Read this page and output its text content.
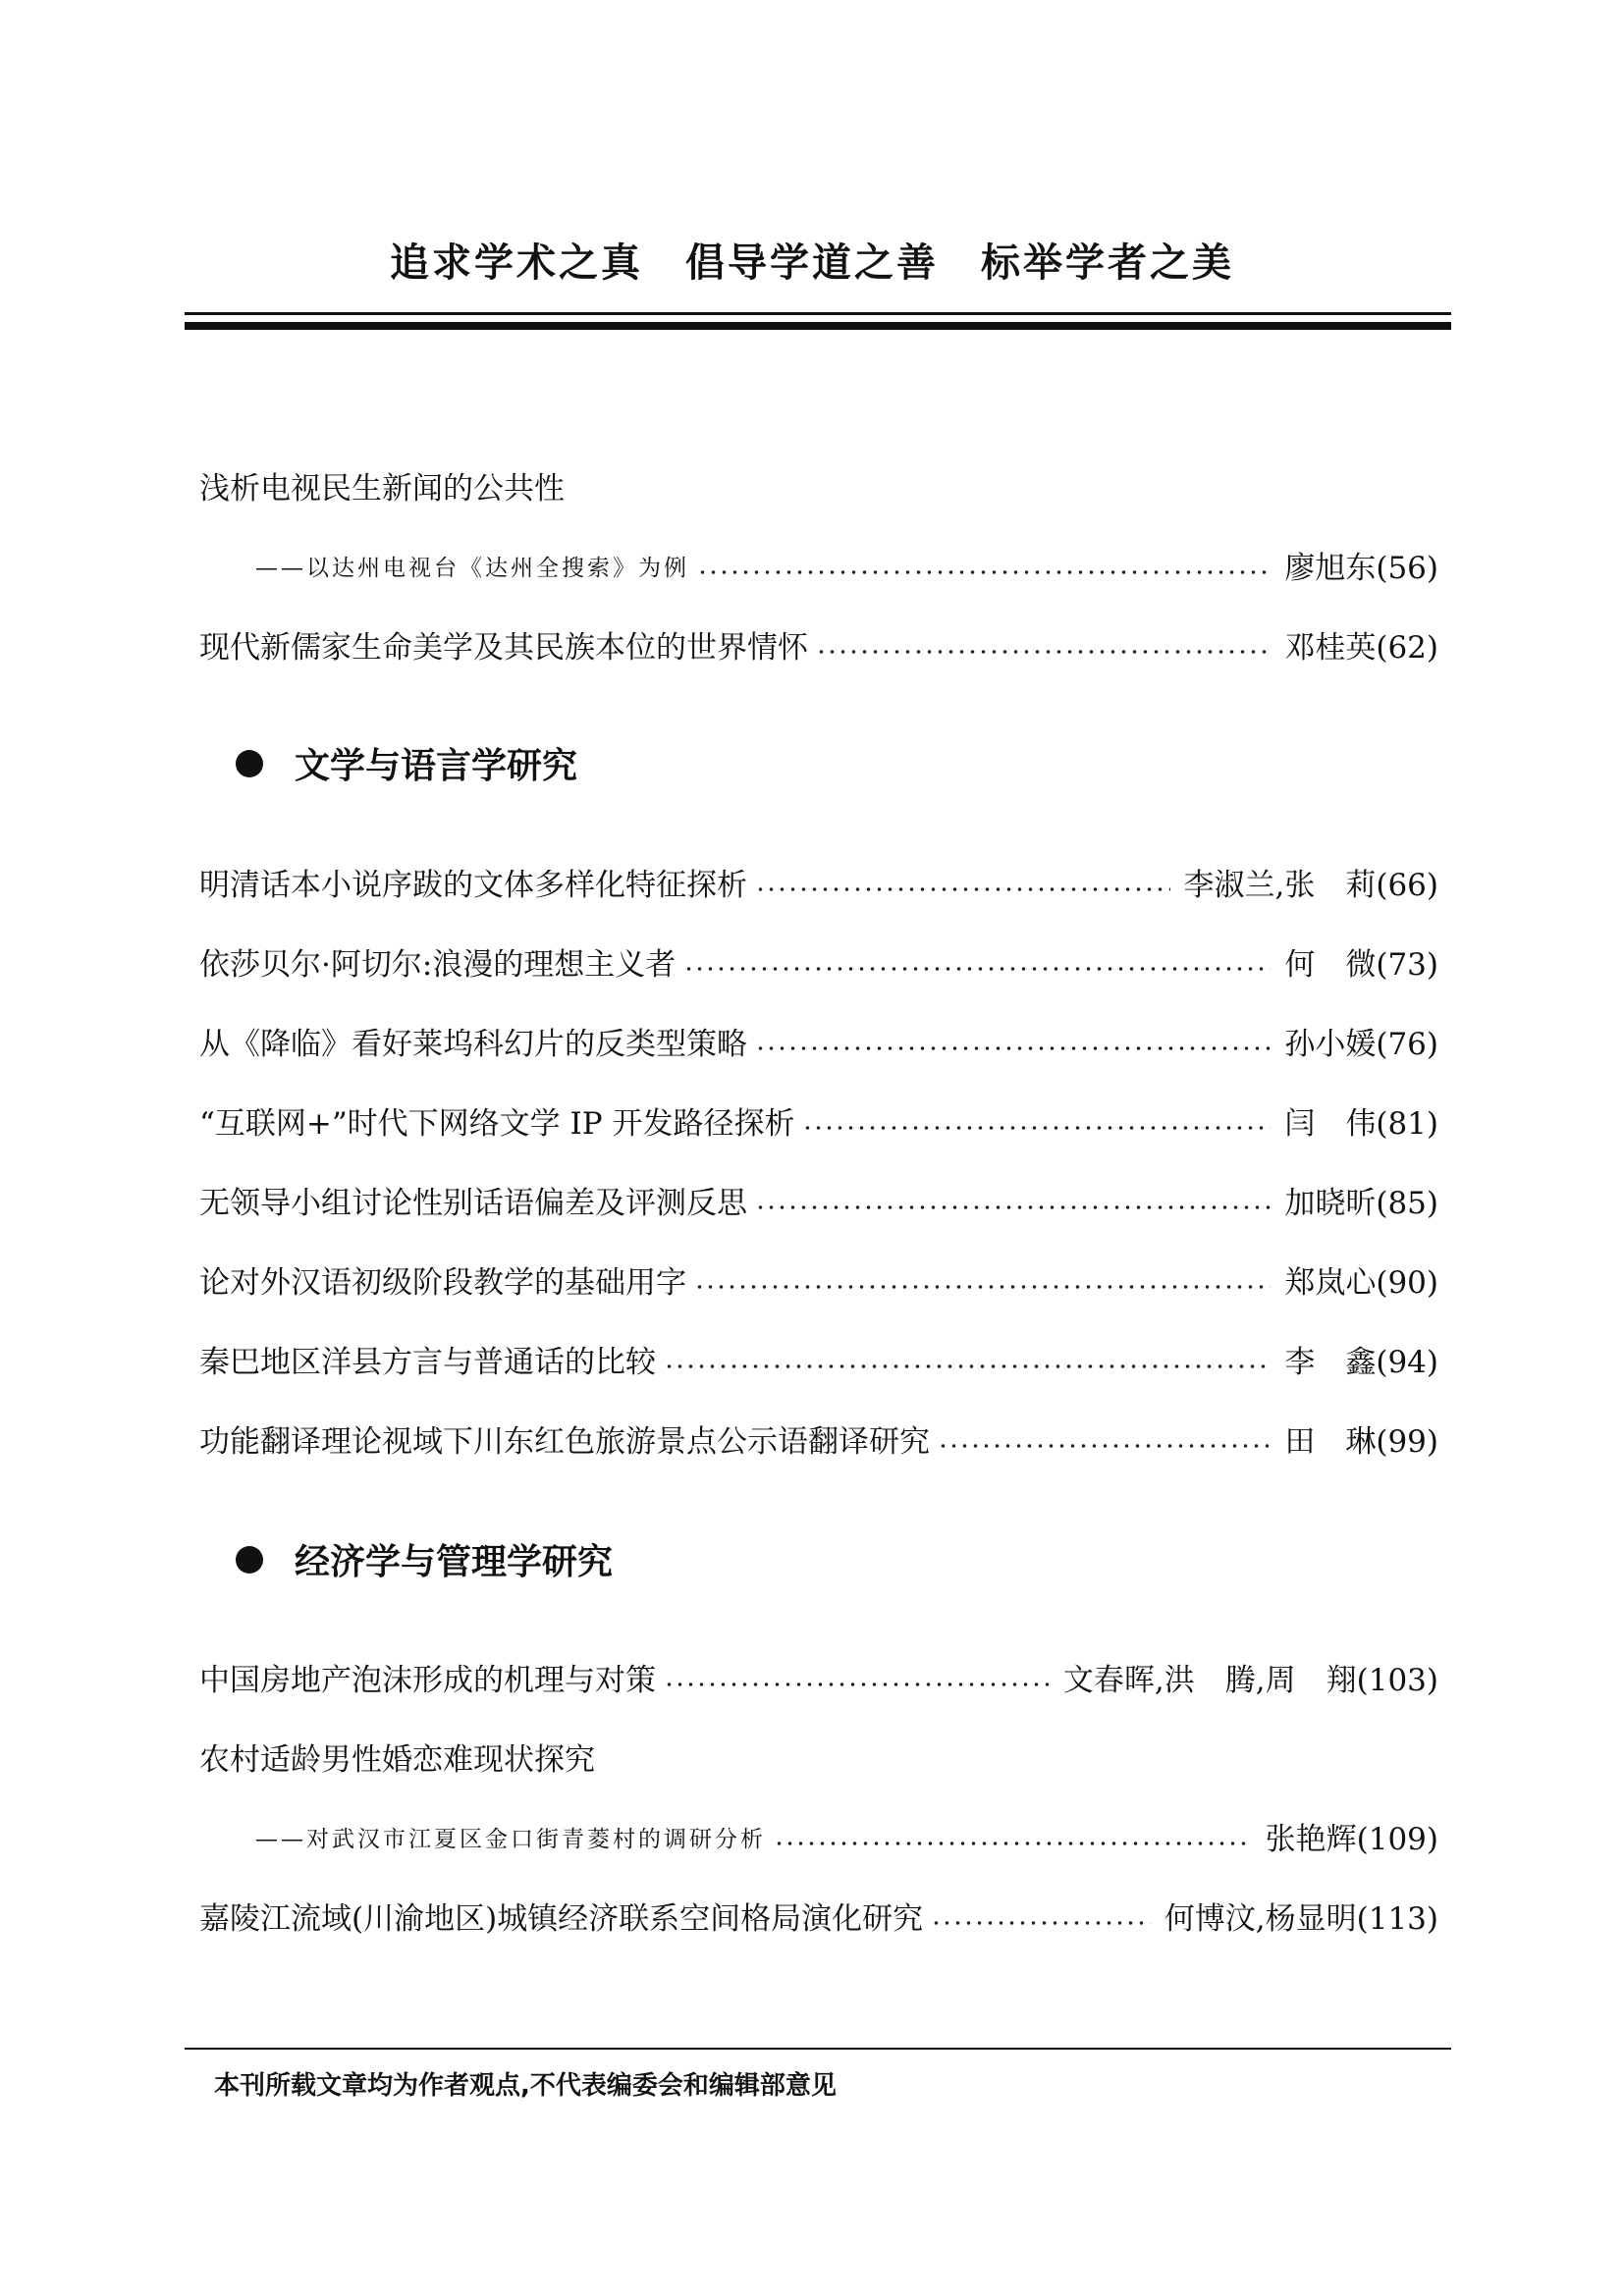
追求学术之真　倡导学道之善　标举学者之美
浅析电视民生新闻的公共性
——以达州电视台《达州全搜索》为例	廖旭东 (56)
现代新儒家生命美学及其民族本位的世界情怀	邓桂英 (62)
文学与语言学研究
明清话本小说序跋的文体多样化特征探析	李淑兰,张　莉 (66)
依莎贝尔·阿切尔:浪漫的理想主义者	何　微 (73)
从《降临》看好莱坞科幻片的反类型策略	孙小媛 (76)
“互联网+”时代下网络文学 IP 开发路径探析	闫　伟 (81)
无领导小组讨论性别话语偏差及评测反思	加晓昕 (85)
论对外汉语初级阶段教学的基础用字	郑岚心 (90)
秦巴地区洋县方言与普通话的比较	李　鑫 (94)
功能翻译理论视域下川东红色旅游景点公示语翻译研究	田　琳 (99)
经济学与管理学研究
中国房地产泡沫形成的机理与对策	文春晖,洪　腾,周　翔 (103)
农村适龄男性婚恋难现状探究
——对武汉市江夏区金口街青菱村的调研分析	张艳辉 (109)
嘉陵江流域(川渝地区)城镇经济联系空间格局演化研究	何博汶,杨显明 (113)
本刊所载文章均为作者观点,不代表编委会和编辑部意见
